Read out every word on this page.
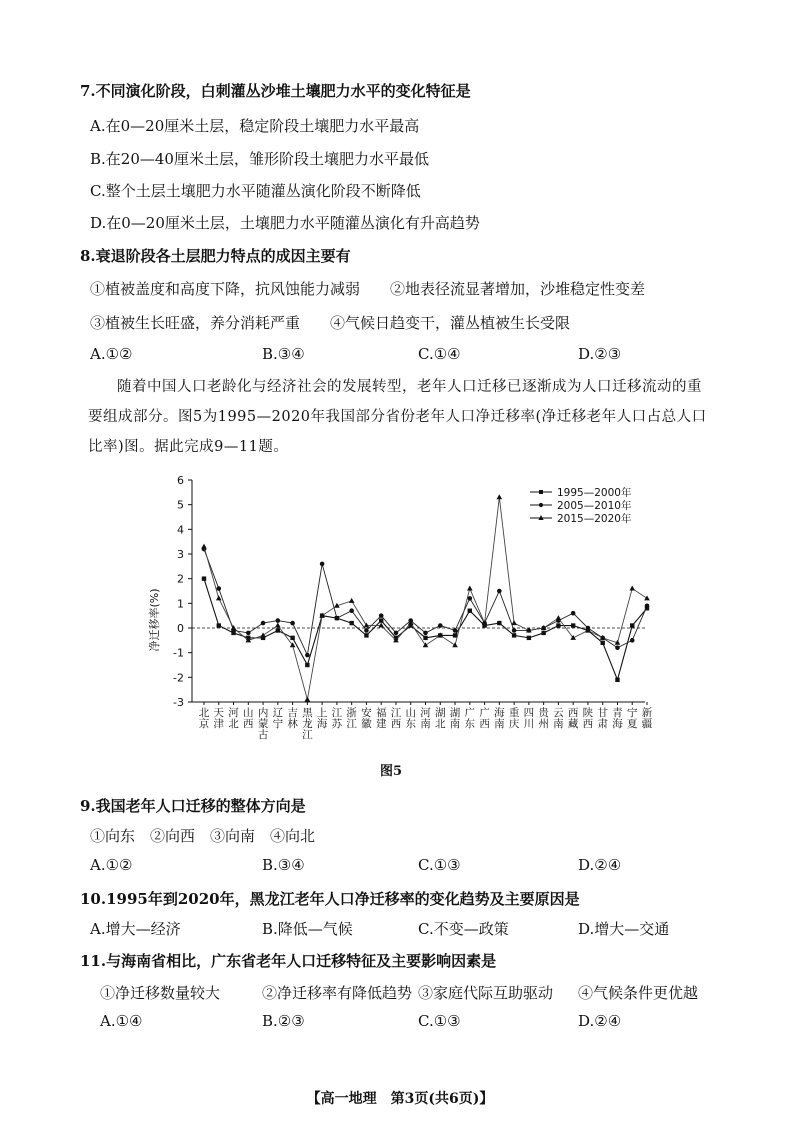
7.不同演化阶段，白刺灌丛沙堆土壤肥力水平的变化特征是
A.在0—20厘米土层，稳定阶段土壤肥力水平最高
B.在20—40厘米土层，雏形阶段土壤肥力水平最低
C.整个土层土壤肥力水平随灌丛演化阶段不断降低
D.在0—20厘米土层，土壤肥力水平随灌丛演化有升高趋势
8.衰退阶段各土层肥力特点的成因主要有
①植被盖度和高度下降，抗风蚀能力减弱 ②地表径流显著增加，沙堆稳定性变差
③植被生长旺盛，养分消耗严重 ④气候日趋变干，灌丛植被生长受限
A.①②	B.③④	C.①④	D.②③
随着中国人口老龄化与经济社会的发展转型，老年人口迁移已逐渐成为人口迁移流动的重要组成部分。图5为1995—2020年我国部分省份老年人口净迁移率(净迁移老年人口占总人口比率)图。据此完成9—11题。
-3
-2
-1
0
1
2
3
4
5
6
北
京
天
津
河
北
山
西
内
蒙
古
辽
宁
吉
林
黑
龙
江
上
海
江
苏
浙
江
安
徽
福
建
江
西
山
东
河
南
湖
北
湖
南
广
东
广
西
海
南
重
庆
四
川
贵
州
云
南
西
藏
陕
西
甘
肃
青
海
宁
夏
新
疆
1995—2000年
2005—2010年
2015—2020年
净迁移率(%)
图5
9.我国老年人口迁移的整体方向是
①向东　②向西　③向南　④向北
A.①②	B.③④	C.①③	D.②④
10.1995年到2020年，黑龙江老年人口净迁移率的变化趋势及主要原因是
A.增大—经济	B.降低—气候	C.不变—政策	D.增大—交通
11.与海南省相比，广东省老年人口迁移特征及主要影响因素是
①净迁移数量较大	②净迁移率有降低趋势 ③家庭代际互助驱动 ④气候条件更优越
A.①④	B.②③	C.①③	D.②④
【高一地理　第3页(共6页)】
